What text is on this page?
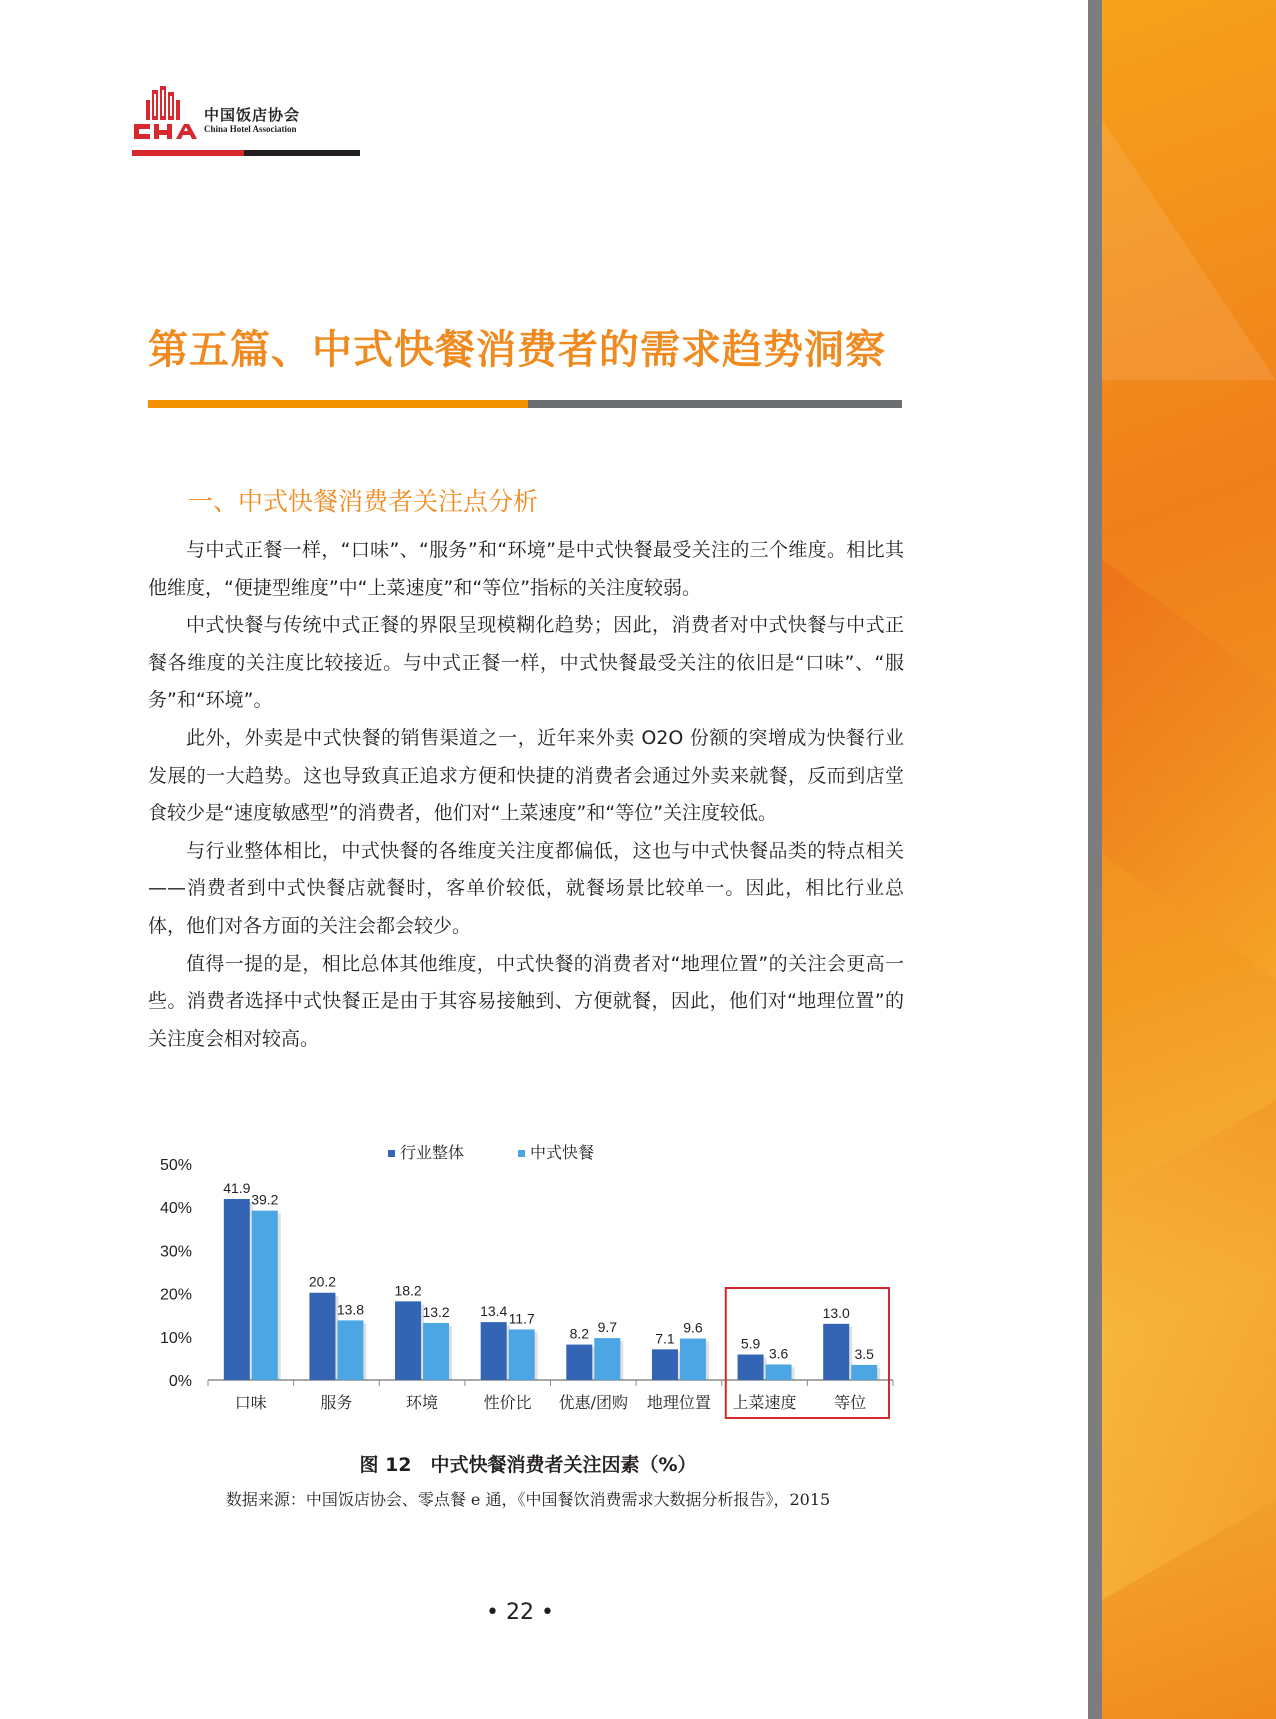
中国饭店协会
China Hotel Association
第五篇、中式快餐消费者的需求趋势洞察
一、中式快餐消费者关注点分析

与中式正餐一样，“口味”、“服务”和“环境”是中式快餐最受关注的三个维度。相比其他维度，“便捷型维度”中“上菜速度”和“等位”指标的关注度较弱。

中式快餐与传统中式正餐的界限呈现模糊化趋势；因此，消费者对中式快餐与中式正餐各维度的关注度比较接近。与中式正餐一样，中式快餐最受关注的依旧是“口味”、“服务”和“环境”。

此外，外卖是中式快餐的销售渠道之一，近年来外卖 O2O 份额的突增成为快餐行业发展的一大趋势。这也导致真正追求方便和快捷的消费者会通过外卖来就餐，反而到店堂食较少是“速度敏感型”的消费者，他们对“上菜速度”和“等位”关注度较低。

与行业整体相比，中式快餐的各维度关注度都偏低，这也与中式快餐品类的特点相关——消费者到中式快餐店就餐时，客单价较低，就餐场景比较单一。因此，相比行业总体，他们对各方面的关注会都会较少。

值得一提的是，相比总体其他维度，中式快餐的消费者对“地理位置”的关注会更高一些。消费者选择中式快餐正是由于其容易接触到、方便就餐，因此，他们对“地理位置”的关注度会相对较高。

0%
10%
20%
30%
40%
50%
41.9
39.2
口味
20.2
13.8
服务
18.2
13.2
环境
13.4 11.7
性价比
8.2 9.7
优惠/团购
7.1
9.6
地理位置
5.9
3.6
上菜速度
13.0
3.5
等位
行业整体	中式快餐
图 12　中式快餐消费者关注因素（%）
数据来源：中国饭店协会、零点餐 e 通，《中国餐饮消费需求大数据分析报告》，2015
• 22 •
